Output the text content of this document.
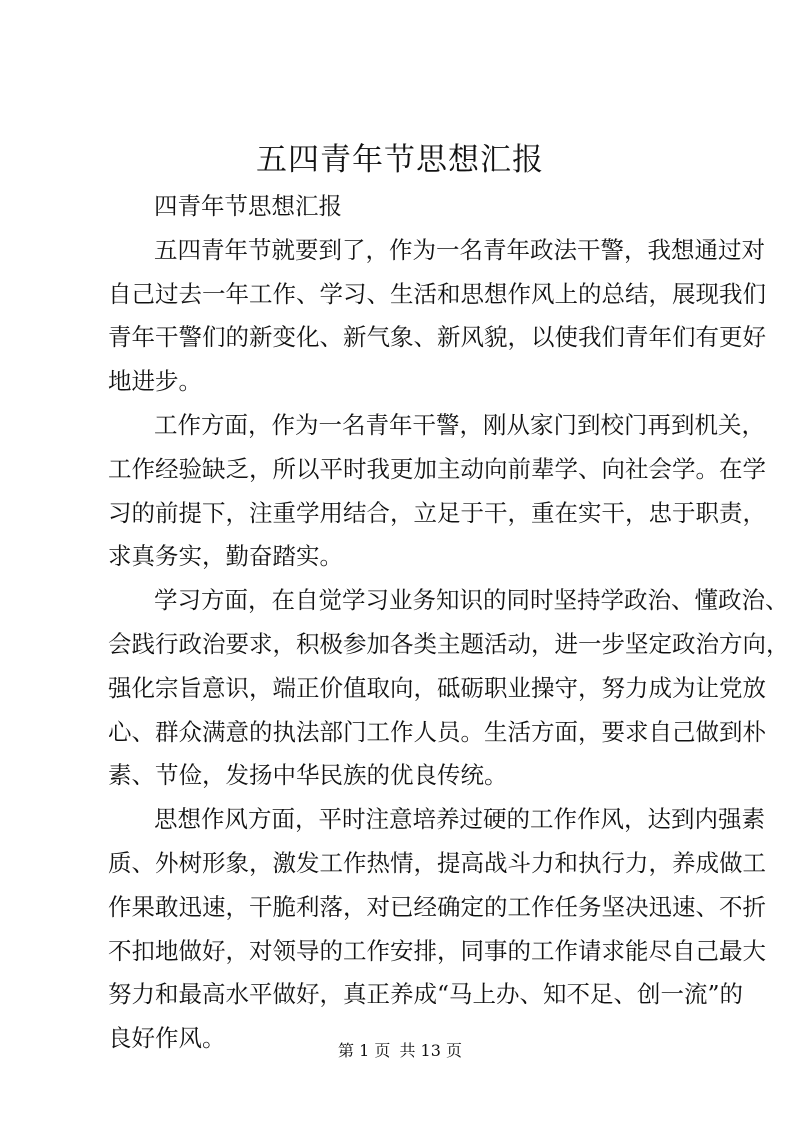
五四青年节思想汇报
四青年节思想汇报
五四青年节就要到了，作为一名青年政法干警，我想通过对
自己过去一年工作、学习、生活和思想作风上的总结，展现我们
青年干警们的新变化、新气象、新风貌，以使我们青年们有更好
地进步。
工作方面，作为一名青年干警，刚从家门到校门再到机关，
工作经验缺乏，所以平时我更加主动向前辈学、向社会学。在学
习的前提下，注重学用结合，立足于干，重在实干，忠于职责，
求真务实，勤奋踏实。
学习方面，在自觉学习业务知识的同时坚持学政治、懂政治、
会践行政治要求，积极参加各类主题活动，进一步坚定政治方向，
强化宗旨意识，端正价值取向，砥砺职业操守，努力成为让党放
心、群众满意的执法部门工作人员。生活方面，要求自己做到朴
素、节俭，发扬中华民族的优良传统。
思想作风方面，平时注意培养过硬的工作作风，达到内强素
质、外树形象，激发工作热情，提高战斗力和执行力，养成做工
作果敢迅速，干脆利落，对已经确定的工作任务坚决迅速、不折
不扣地做好，对领导的工作安排，同事的工作请求能尽自己最大
努力和最高水平做好，真正养成“马上办、知不足、创一流”的
良好作风。	第 1 页 共 13 页
